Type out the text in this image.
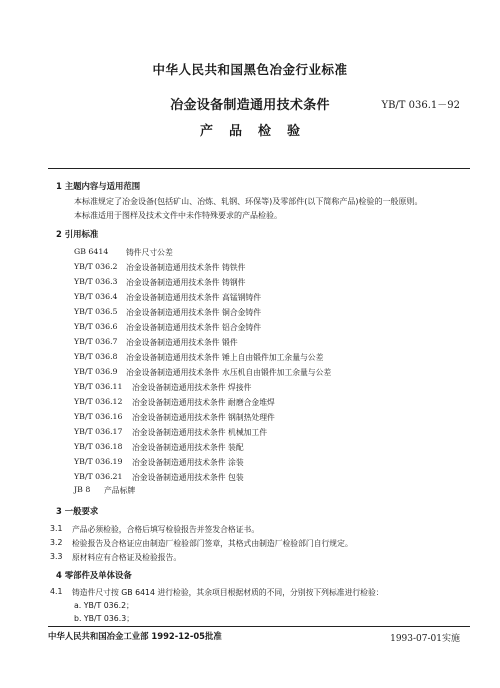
中华人民共和国黑色冶金行业标准
冶金设备制造通用技术条件	YB/T 036.1－92
产品检验
1 主题内容与适用范围
本标准规定了冶金设备(包括矿山、冶炼、轧钢、环保等)及零部件(以下简称产品)检验的一般原则。
本标准适用于图样及技术文件中未作特殊要求的产品检验。
2 引用标准
GB 6414 铸件尺寸公差
YB/T 036.2 冶金设备制造通用技术条件 铸铁件
YB/T 036.3 冶金设备制造通用技术条件 铸钢件
YB/T 036.4 冶金设备制造通用技术条件 高锰钢铸件
YB/T 036.5 冶金设备制造通用技术条件 铜合金铸件
YB/T 036.6 冶金设备制造通用技术条件 铝合金铸件
YB/T 036.7 冶金设备制造通用技术条件 锻件
YB/T 036.8 冶金设备制造通用技术条件 锤上自由锻件加工余量与公差
YB/T 036.9 冶金设备制造通用技术条件 水压机自由锻件加工余量与公差
YB/T 036.11 冶金设备制造通用技术条件 焊接件
YB/T 036.12 冶金设备制造通用技术条件 耐磨合金堆焊
YB/T 036.16 冶金设备制造通用技术条件 钢制热处理件
YB/T 036.17 冶金设备制造通用技术条件 机械加工件
YB/T 036.18 冶金设备制造通用技术条件 装配
YB/T 036.19 冶金设备制造通用技术条件 涂装
YB/T 036.21 冶金设备制造通用技术条件 包装
JB 8 产品标牌
3 一般要求
3.1 产品必须检验，合格后填写检验报告并签发合格证书。
3.2 检验报告及合格证应由制造厂检验部门签章，其格式由制造厂检验部门自行规定。
3.3 原材料应有合格证及检验报告。
4 零部件及单体设备
4.1 铸造件尺寸按 GB 6414 进行检验，其余项目根据材质的不同，分别按下列标准进行检验：
a. YB/T 036.2；
b. YB/T 036.3；
中华人民共和国冶金工业部 1992-12-05批准	1993-07-01实施
